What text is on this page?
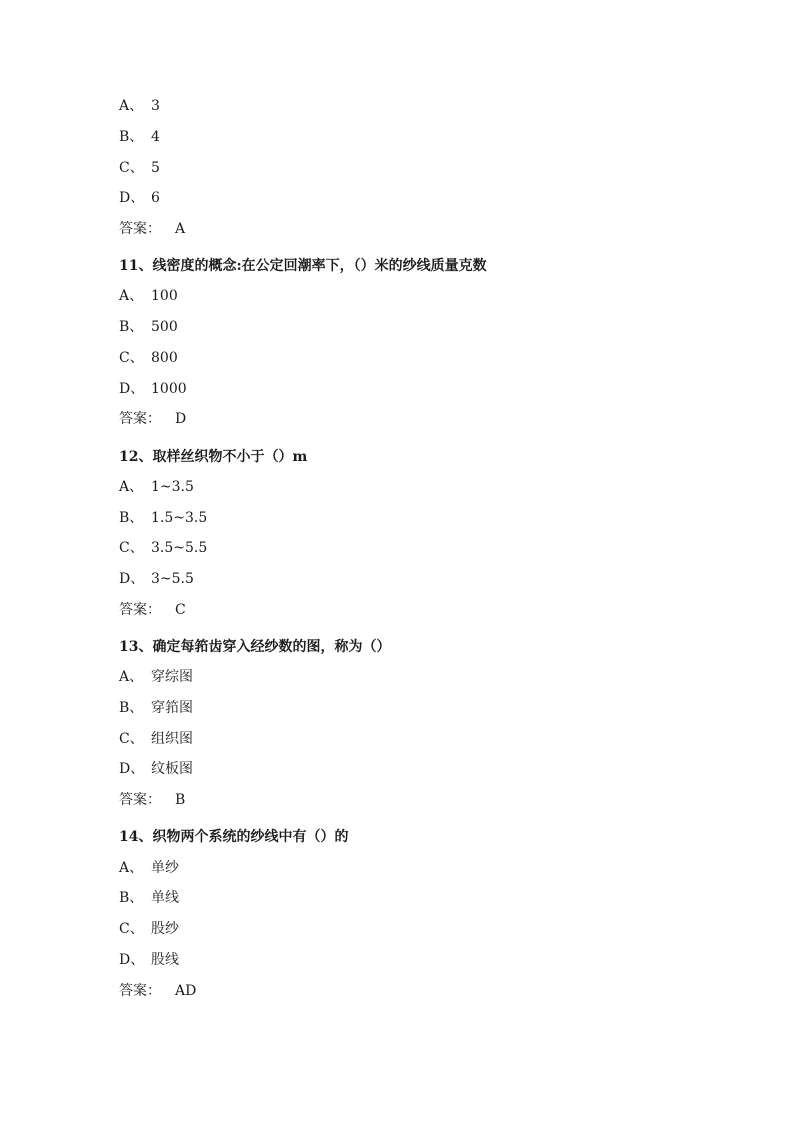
A、 3
B、 4
C、 5
D、 6
答案： A
11、线密度的概念:在公定回潮率下，（）米的纱线质量克数
A、 100
B、 500
C、 800
D、 1000
答案： D
12、取样丝织物不小于（）m
A、 1~3.5
B、 1.5~3.5
C、 3.5~5.5
D、 3~5.5
答案： C
13、确定每筘齿穿入经纱数的图，称为（）
A、 穿综图
B、 穿筘图
C、 组织图
D、 纹板图
答案： B
14、织物两个系统的纱线中有（）的
A、 单纱
B、 单线
C、 股纱
D、 股线
答案： AD
